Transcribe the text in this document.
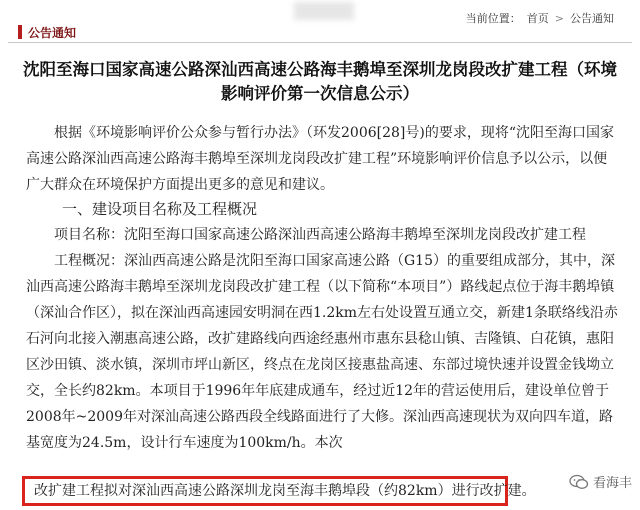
公告通知
当前位置： 首页 > 公告通知
沈阳至海口国家高速公路深汕西高速公路海丰鹅埠至深圳龙岗段改扩建工程（环境影响评价第一次信息公示）
根据《环境影响评价公众参与暂行办法》（环发2006[28]号)的要求，现将“沈阳至海口国家高速公路深汕西高速公路海丰鹅埠至深圳龙岗段改扩建工程”环境影响评价信息予以公示，以便广大群众在环境保护方面提出更多的意见和建议。
一、建设项目名称及工程概况
项目名称：沈阳至海口国家高速公路深汕西高速公路海丰鹅埠至深圳龙岗段改扩建工程
工程概况：深汕西高速公路是沈阳至海口国家高速公路（G15）的重要组成部分，其中，深汕西高速公路海丰鹅埠至深圳龙岗段改扩建工程（以下简称“本项目”）路线起点位于海丰鹅埠镇（深汕合作区），拟在深汕西高速园安明洞在西1.2km左右处设置互通立交，新建1条联络线沿赤石河向北接入潮惠高速公路，改扩建路线向西途经惠州市惠东县稔山镇、吉隆镇、白花镇，惠阳区沙田镇、淡水镇，深圳市坪山新区，终点在龙岗区接惠盐高速、东部过境快速并设置金钱坳立交，全长约82km。本项目于1996年年底建成通车，经过近12年的营运使用后，建设单位曾于2008年~2009年对深汕高速公路西段全线路面进行了大修。深汕西高速现状为双向四车道，路基宽度为24.5m，设计行车速度为100km/h。本次
改扩建工程拟对深汕西高速公路深圳龙岗至海丰鹅埠段（约82km）进行改扩建。	看海丰
